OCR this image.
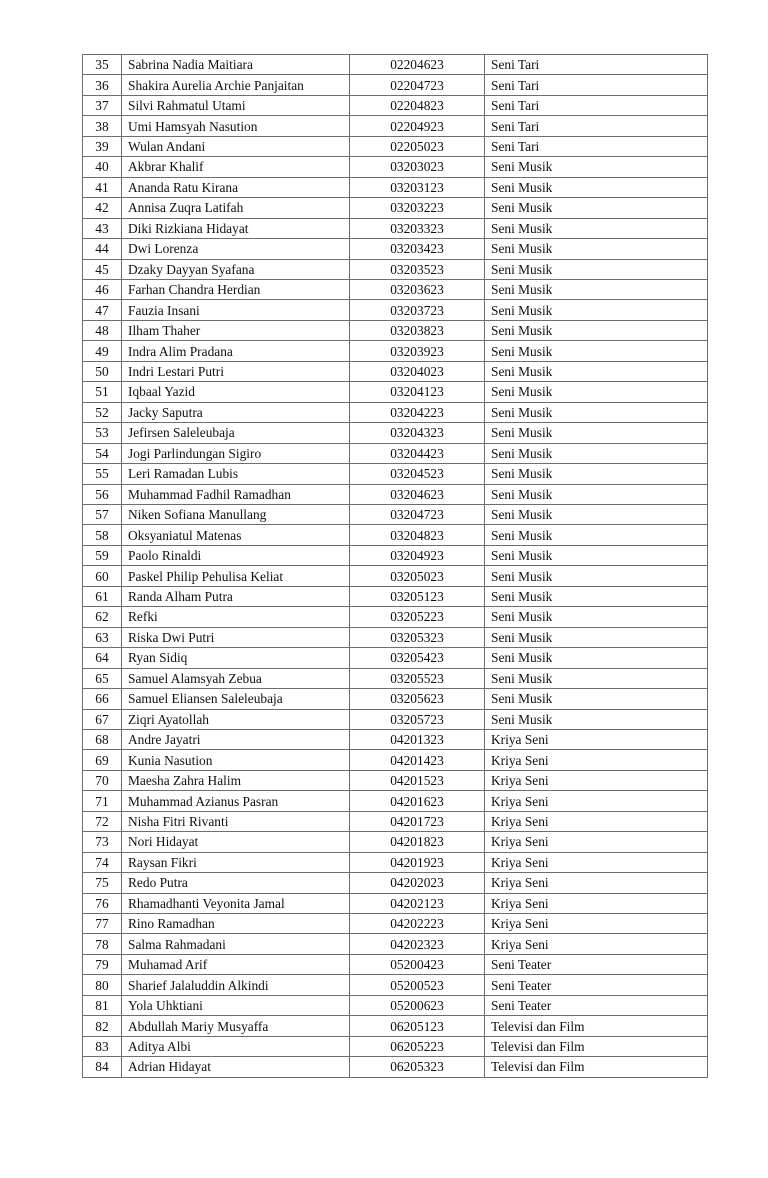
35	Sabrina Nadia Maitiara	02204623	Seni Tari
36	Shakira Aurelia Archie Panjaitan	02204723	Seni Tari
37	Silvi Rahmatul Utami	02204823	Seni Tari
38	Umi Hamsyah Nasution	02204923	Seni Tari
39	Wulan Andani	02205023	Seni Tari
40	Akbrar Khalif	03203023	Seni Musik
41	Ananda Ratu Kirana	03203123	Seni Musik
42	Annisa Zuqra Latifah	03203223	Seni Musik
43	Diki Rizkiana Hidayat	03203323	Seni Musik
44	Dwi Lorenza	03203423	Seni Musik
45	Dzaky Dayyan Syafana	03203523	Seni Musik
46	Farhan Chandra Herdian	03203623	Seni Musik
47	Fauzia Insani	03203723	Seni Musik
48	Ilham Thaher	03203823	Seni Musik
49	Indra Alim Pradana	03203923	Seni Musik
50	Indri Lestari Putri	03204023	Seni Musik
51	Iqbaal Yazid	03204123	Seni Musik
52	Jacky Saputra	03204223	Seni Musik
53	Jefirsen Saleleubaja	03204323	Seni Musik
54	Jogi Parlindungan Sigiro	03204423	Seni Musik
55	Leri Ramadan Lubis	03204523	Seni Musik
56	Muhammad Fadhil Ramadhan	03204623	Seni Musik
57	Niken Sofiana Manullang	03204723	Seni Musik
58	Oksyaniatul Matenas	03204823	Seni Musik
59	Paolo Rinaldi	03204923	Seni Musik
60	Paskel Philip Pehulisa Keliat	03205023	Seni Musik
61	Randa Alham Putra	03205123	Seni Musik
62	Refki	03205223	Seni Musik
63	Riska Dwi Putri	03205323	Seni Musik
64	Ryan Sidiq	03205423	Seni Musik
65	Samuel Alamsyah Zebua	03205523	Seni Musik
66	Samuel Eliansen Saleleubaja	03205623	Seni Musik
67	Ziqri Ayatollah	03205723	Seni Musik
68	Andre Jayatri	04201323	Kriya Seni
69	Kunia Nasution	04201423	Kriya Seni
70	Maesha Zahra Halim	04201523	Kriya Seni
71	Muhammad Azianus Pasran	04201623	Kriya Seni
72	Nisha Fitri Rivanti	04201723	Kriya Seni
73	Nori Hidayat	04201823	Kriya Seni
74	Raysan Fikri	04201923	Kriya Seni
75	Redo Putra	04202023	Kriya Seni
76	Rhamadhanti Veyonita Jamal	04202123	Kriya Seni
77	Rino Ramadhan	04202223	Kriya Seni
78	Salma Rahmadani	04202323	Kriya Seni
79	Muhamad Arif	05200423	Seni Teater
80	Sharief Jalaluddin Alkindi	05200523	Seni Teater
81	Yola Uhktiani	05200623	Seni Teater
82	Abdullah Mariy Musyaffa	06205123	Televisi dan Film
83	Aditya Albi	06205223	Televisi dan Film
84	Adrian Hidayat	06205323	Televisi dan Film
